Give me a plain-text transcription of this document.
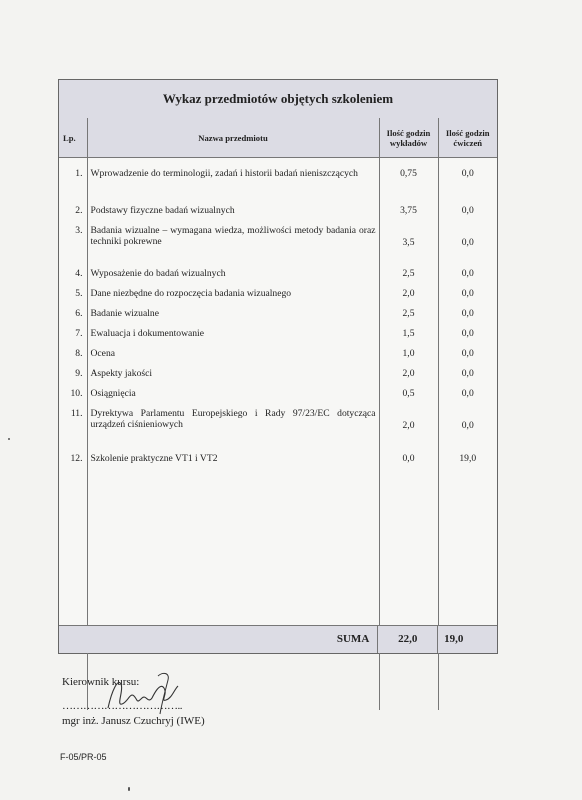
Wykaz przedmiotów objętych szkoleniem
Lp.	Nazwa przedmiotu	Ilość godzin wykładów	Ilość godzin ćwiczeń
1.	Wprowadzenie do terminologii, zadań i historii badań nieniszczących	0,75	0,0
2.	Podstawy fizyczne badań wizualnych	3,75	0,0
3.	Badania wizualne – wymagana wiedza, możliwości metody badania oraz techniki pokrewne	3,5	0,0
4.	Wyposażenie do badań wizualnych	2,5	0,0
5.	Dane niezbędne do rozpoczęcia badania wizualnego	2,0	0,0
6.	Badanie wizualne	2,5	0,0
7.	Ewaluacja i dokumentowanie	1,5	0,0
8.	Ocena	1,0	0,0
9.	Aspekty jakości	2,0	0,0
10.	Osiągnięcia	0,5	0,0
11.	Dyrektywa Parlamentu Europejskiego i Rady 97/23/EC dotycząca urządzeń ciśnieniowych	2,0	0,0
12.	Szkolenie praktyczne VT1 i VT2	0,0	19,0

SUMA	22,0	19,0
Kierownik kursu:
……………………………..
mgr inż. Janusz Czuchryj (IWE)
F-05/PR-05
